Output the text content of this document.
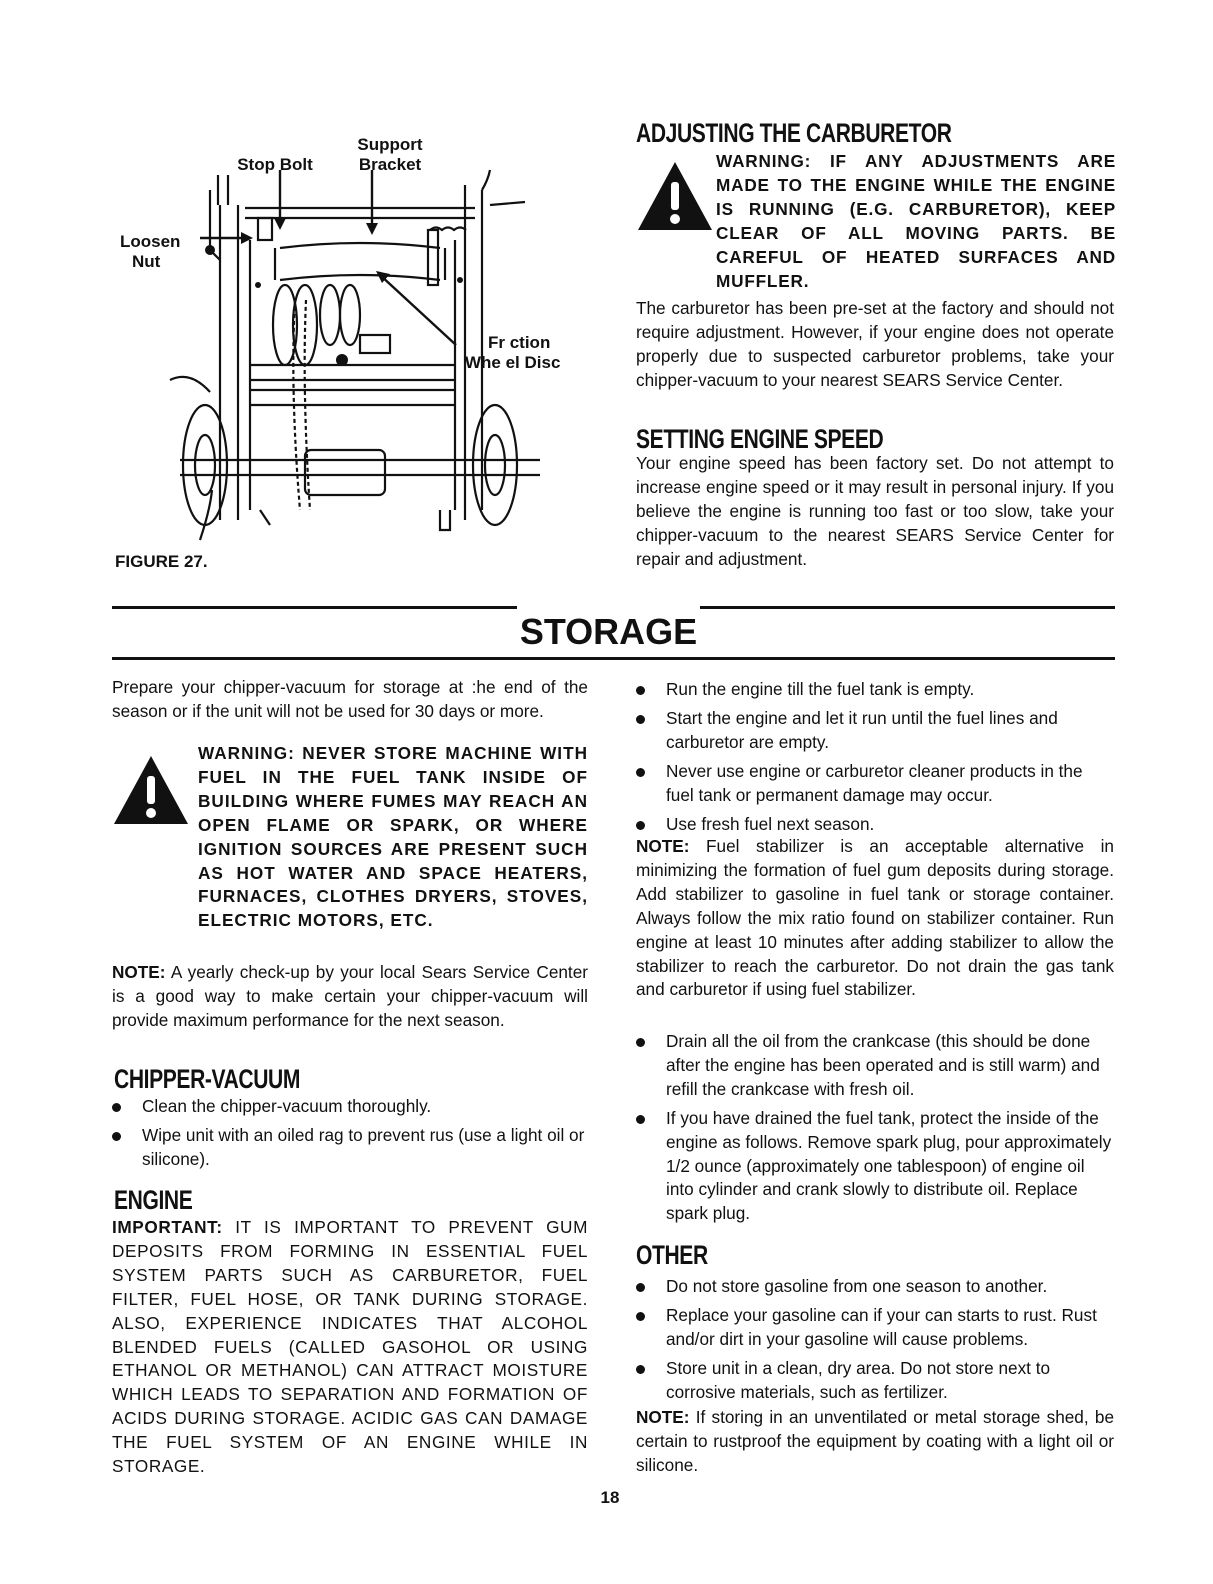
Support
Bracket
Stop Bolt
Loosen
Nut
Fr ction
Whe el Disc
FIGURE 27.
ADJUSTING THE CARBURETOR
WARNING: IF ANY ADJUSTMENTS ARE MADE TO THE ENGINE WHILE THE ENGINE IS RUNNING (E.G. CARBURETOR), KEEP CLEAR OF ALL MOVING PARTS. BE CAREFUL OF HEATED SURFACES AND MUFFLER.
The carburetor has been pre-set at the factory and should not require adjustment. However, if your engine does not operate properly due to suspected carburetor problems, take your chipper-vacuum to your nearest SEARS Service Center.
SETTING ENGINE SPEED
Your engine speed has been factory set. Do not attempt to increase engine speed or it may result in personal injury. If you believe the engine is running too fast or too slow, take your chipper-vacuum to the nearest SEARS Service Center for repair and adjustment.
STORAGE
Prepare your chipper-vacuum for storage at :he end of the season or if the unit will not be used for 30 days or more.
WARNING: NEVER STORE MACHINE WITH FUEL IN THE FUEL TANK INSIDE OF BUILDING WHERE FUMES MAY REACH AN OPEN FLAME OR SPARK, OR WHERE IGNITION SOURCES ARE PRESENT SUCH AS HOT WATER AND SPACE HEATERS, FURNACES, CLOTHES DRYERS, STOVES, ELECTRIC MOTORS, ETC.
NOTE: A yearly check-up by your local Sears Service Center is a good way to make certain your chipper-vacuum will provide maximum performance for the next season.
CHIPPER-VACUUM
Clean the chipper-vacuum thoroughly.
Wipe unit with an oiled rag to prevent rus (use a light oil or silicone).
ENGINE
IMPORTANT: IT IS IMPORTANT TO PREVENT GUM DEPOSITS FROM FORMING IN ESSENTIAL FUEL SYSTEM PARTS SUCH AS CARBURETOR, FUEL FILTER, FUEL HOSE, OR TANK DURING STORAGE. ALSO, EXPERIENCE INDICATES THAT ALCOHOL BLENDED FUELS (CALLED GASOHOL OR USING ETHANOL OR METHANOL) CAN ATTRACT MOISTURE WHICH LEADS TO SEPARATION AND FORMATION OF ACIDS DURING STORAGE. ACIDIC GAS CAN DAMAGE THE FUEL SYSTEM OF AN ENGINE WHILE IN STORAGE.
Run the engine till the fuel tank is empty.
Start the engine and let it run until the fuel lines and carburetor are empty.
Never use engine or carburetor cleaner products in the fuel tank or permanent damage may occur.
Use fresh fuel next season.
NOTE: Fuel stabilizer is an acceptable alternative in minimizing the formation of fuel gum deposits during storage. Add stabilizer to gasoline in fuel tank or storage container. Always follow the mix ratio found on stabilizer container. Run engine at least 10 minutes after adding stabilizer to allow the stabilizer to reach the carburetor. Do not drain the gas tank and carburetor if using fuel stabilizer.
Drain all the oil from the crankcase (this should be done after the engine has been operated and is still warm) and refill the crankcase with fresh oil.
If you have drained the fuel tank, protect the inside of the engine as follows. Remove spark plug, pour approximately 1/2 ounce (approximately one tablespoon) of engine oil into cylinder and crank slowly to distribute oil. Replace spark plug.
OTHER
Do not store gasoline from one season to another.
Replace your gasoline can if your can starts to rust. Rust and/or dirt in your gasoline will cause problems.
Store unit in a clean, dry area. Do not store next to corrosive materials, such as fertilizer.
NOTE: If storing in an unventilated or metal storage shed, be certain to rustproof the equipment by coating with a light oil or silicone.
18
